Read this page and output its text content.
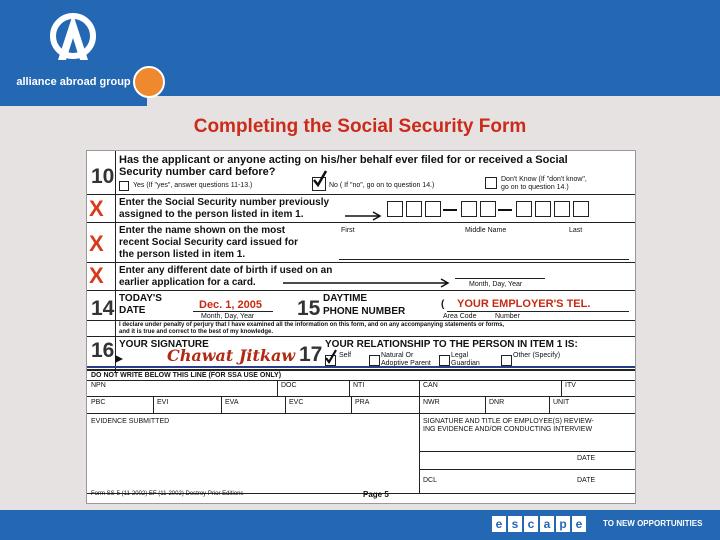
alliance abroad group
Completing the Social Security Form
10
Has the applicant or anyone acting on his/her behalf ever filed for or received a Social
Security number card before?
Yes (If "yes", answer questions 11-13.)	No ( If "no", go on to question 14.)
Don't Know (If "don't know",
go on to question 14.)
X Enter the Social Security number previously
assigned to the person listed in item 1.
X
Enter the name shown on the most
recent Social Security card issued for
the person listed in item 1.
First	Middle Name	Last
X Enter any different date of birth if used on an
earlier application for a card.	Month, Day, Year
14 TODAY'S
DATE	Dec. 1, 2005
Month, Day, Year 15 DAYTIME
PHONE NUMBER
( YOUR EMPLOYER'S TEL.
Area Code	Number
I declare under penalty of perjury that I have examined all the information on this form, and on any accompanying statements or forms,
and it is true and correct to the best of my knowledge.
16 YOUR SIGNATURE
Chawat Jitkaw 17 YOUR RELATIONSHIP TO THE PERSON IN ITEM 1 IS:
Self	Natural Or
Adoptive Parent
Legal
Guardian
Other (Specify)
DO NOT WRITE BELOW THIS LINE (FOR SSA USE ONLY)
NPN	DOC	NTI	CAN	ITV
PBC	EVI	EVA	EVC	PRA	NWR	DNR	UNIT
EVIDENCE SUBMITTED	SIGNATURE AND TITLE OF EMPLOYEE(S) REVIEW-
ING EVIDENCE AND/OR CONDUCTING INTERVIEW
DATE
DCL	DATE
Form SS-5 (11-2002) EF (11-2002) Destroy Prior Editions	Page 5
e s c a p e	TO NEW OPPORTUNITIES
